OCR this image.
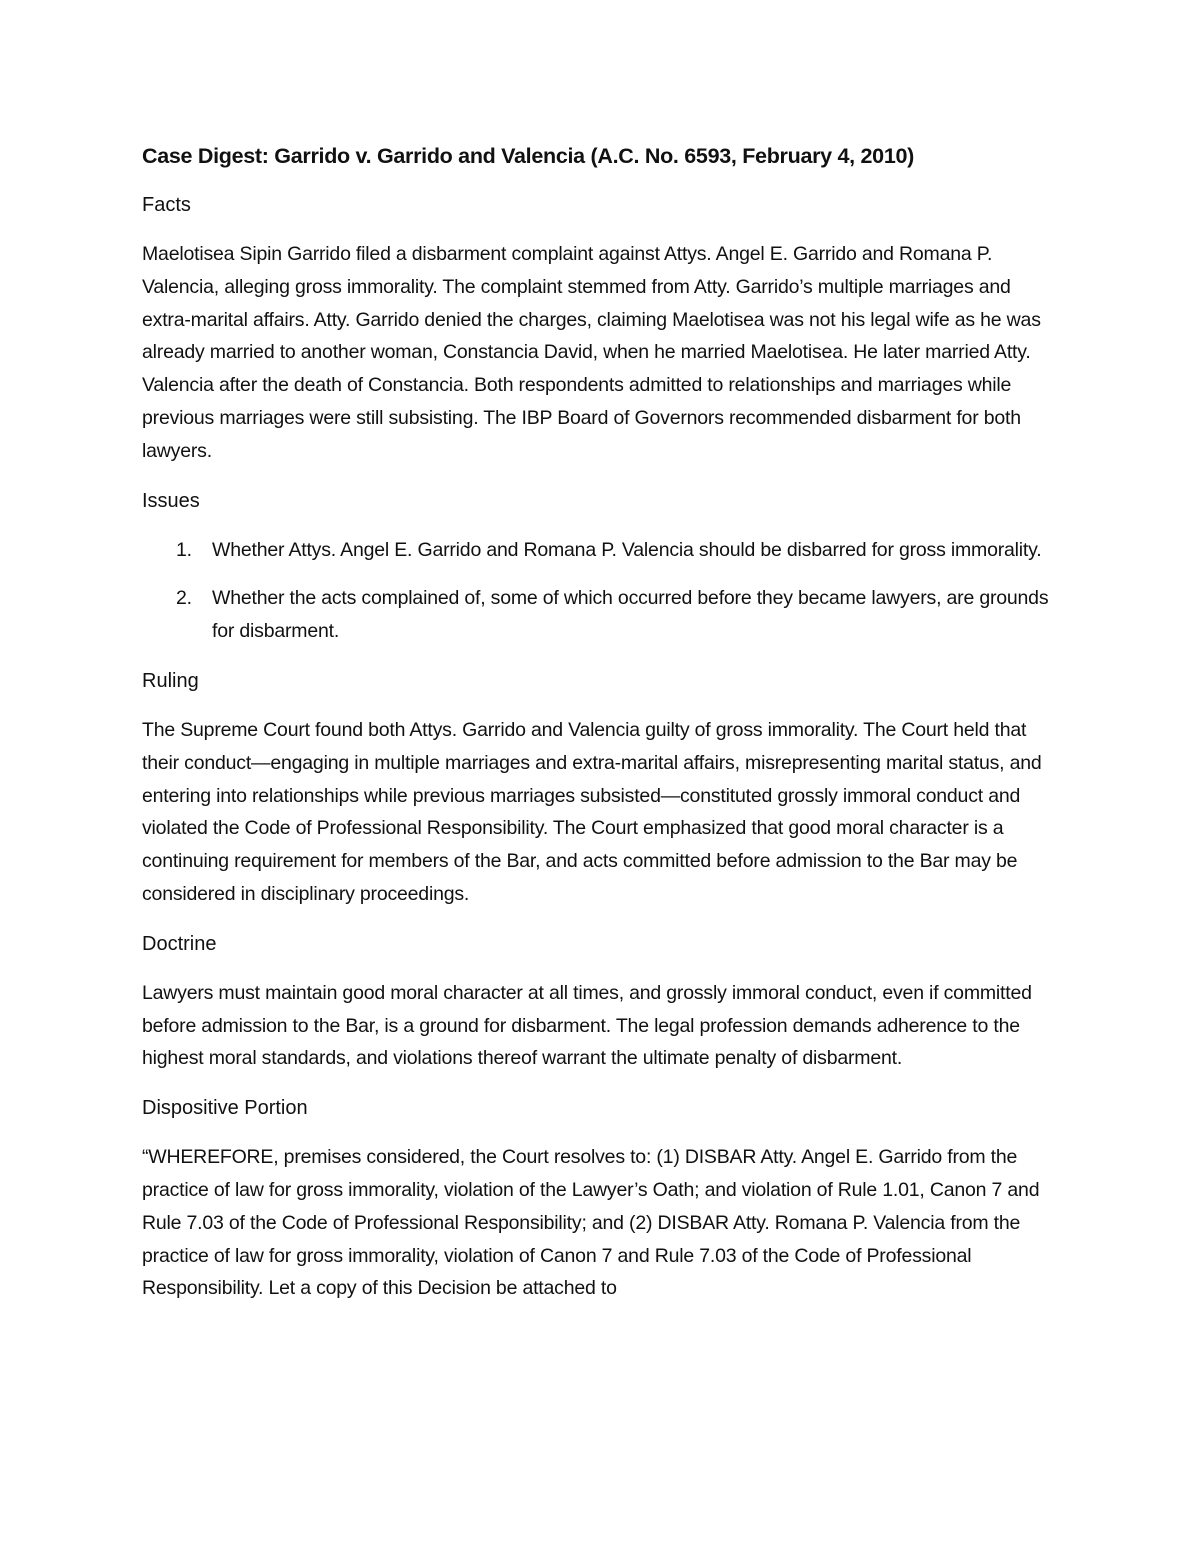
Case Digest: Garrido v. Garrido and Valencia (A.C. No. 6593, February 4, 2010)
Facts
Maelotisea Sipin Garrido filed a disbarment complaint against Attys. Angel E. Garrido and Romana P. Valencia, alleging gross immorality. The complaint stemmed from Atty. Garrido’s multiple marriages and extra-marital affairs. Atty. Garrido denied the charges, claiming Maelotisea was not his legal wife as he was already married to another woman, Constancia David, when he married Maelotisea. He later married Atty. Valencia after the death of Constancia. Both respondents admitted to relationships and marriages while previous marriages were still subsisting. The IBP Board of Governors recommended disbarment for both lawyers.
Issues
1. Whether Attys. Angel E. Garrido and Romana P. Valencia should be disbarred for gross immorality.
2. Whether the acts complained of, some of which occurred before they became lawyers, are grounds for disbarment.
Ruling
The Supreme Court found both Attys. Garrido and Valencia guilty of gross immorality. The Court held that their conduct—engaging in multiple marriages and extra-marital affairs, misrepresenting marital status, and entering into relationships while previous marriages subsisted—constituted grossly immoral conduct and violated the Code of Professional Responsibility. The Court emphasized that good moral character is a continuing requirement for members of the Bar, and acts committed before admission to the Bar may be considered in disciplinary proceedings.
Doctrine
Lawyers must maintain good moral character at all times, and grossly immoral conduct, even if committed before admission to the Bar, is a ground for disbarment. The legal profession demands adherence to the highest moral standards, and violations thereof warrant the ultimate penalty of disbarment.
Dispositive Portion
“WHEREFORE, premises considered, the Court resolves to: (1) DISBAR Atty. Angel E. Garrido from the practice of law for gross immorality, violation of the Lawyer’s Oath; and violation of Rule 1.01, Canon 7 and Rule 7.03 of the Code of Professional Responsibility; and (2) DISBAR Atty. Romana P. Valencia from the practice of law for gross immorality, violation of Canon 7 and Rule 7.03 of the Code of Professional Responsibility. Let a copy of this Decision be attached to
